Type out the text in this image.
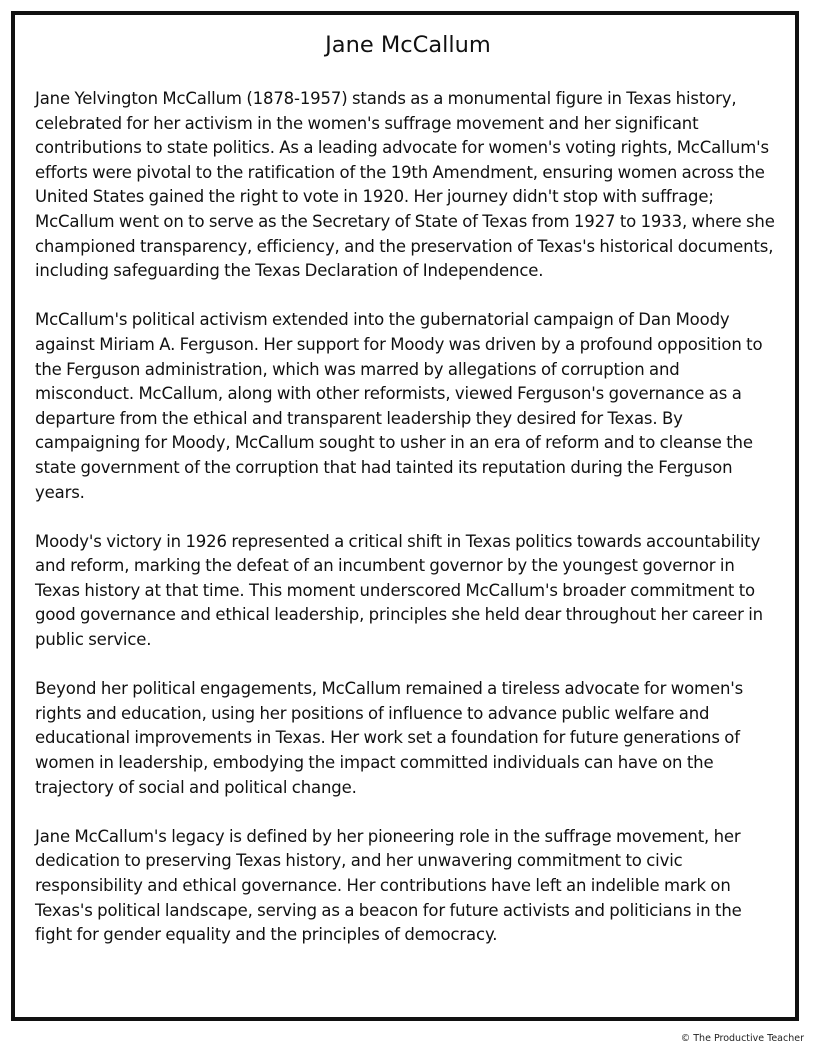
Jane McCallum

Jane Yelvington McCallum (1878-1957) stands as a monumental figure in Texas history, celebrated for her activism in the women's suffrage movement and her significant contributions to state politics. As a leading advocate for women's voting rights, McCallum's efforts were pivotal to the ratification of the 19th Amendment, ensuring women across the United States gained the right to vote in 1920. Her journey didn't stop with suffrage; McCallum went on to serve as the Secretary of State of Texas from 1927 to 1933, where she championed transparency, efficiency, and the preservation of Texas's historical documents, including safeguarding the Texas Declaration of Independence.

McCallum's political activism extended into the gubernatorial campaign of Dan Moody against Miriam A. Ferguson. Her support for Moody was driven by a profound opposition to the Ferguson administration, which was marred by allegations of corruption and misconduct. McCallum, along with other reformists, viewed Ferguson's governance as a departure from the ethical and transparent leadership they desired for Texas. By campaigning for Moody, McCallum sought to usher in an era of reform and to cleanse the state government of the corruption that had tainted its reputation during the Ferguson years.

Moody's victory in 1926 represented a critical shift in Texas politics towards accountability and reform, marking the defeat of an incumbent governor by the youngest governor in Texas history at that time. This moment underscored McCallum's broader commitment to good governance and ethical leadership, principles she held dear throughout her career in public service.

Beyond her political engagements, McCallum remained a tireless advocate for women's rights and education, using her positions of influence to advance public welfare and educational improvements in Texas. Her work set a foundation for future generations of women in leadership, embodying the impact committed individuals can have on the trajectory of social and political change.

Jane McCallum's legacy is defined by her pioneering role in the suffrage movement, her dedication to preserving Texas history, and her unwavering commitment to civic responsibility and ethical governance. Her contributions have left an indelible mark on Texas's political landscape, serving as a beacon for future activists and politicians in the fight for gender equality and the principles of democracy.

© The Productive Teacher
